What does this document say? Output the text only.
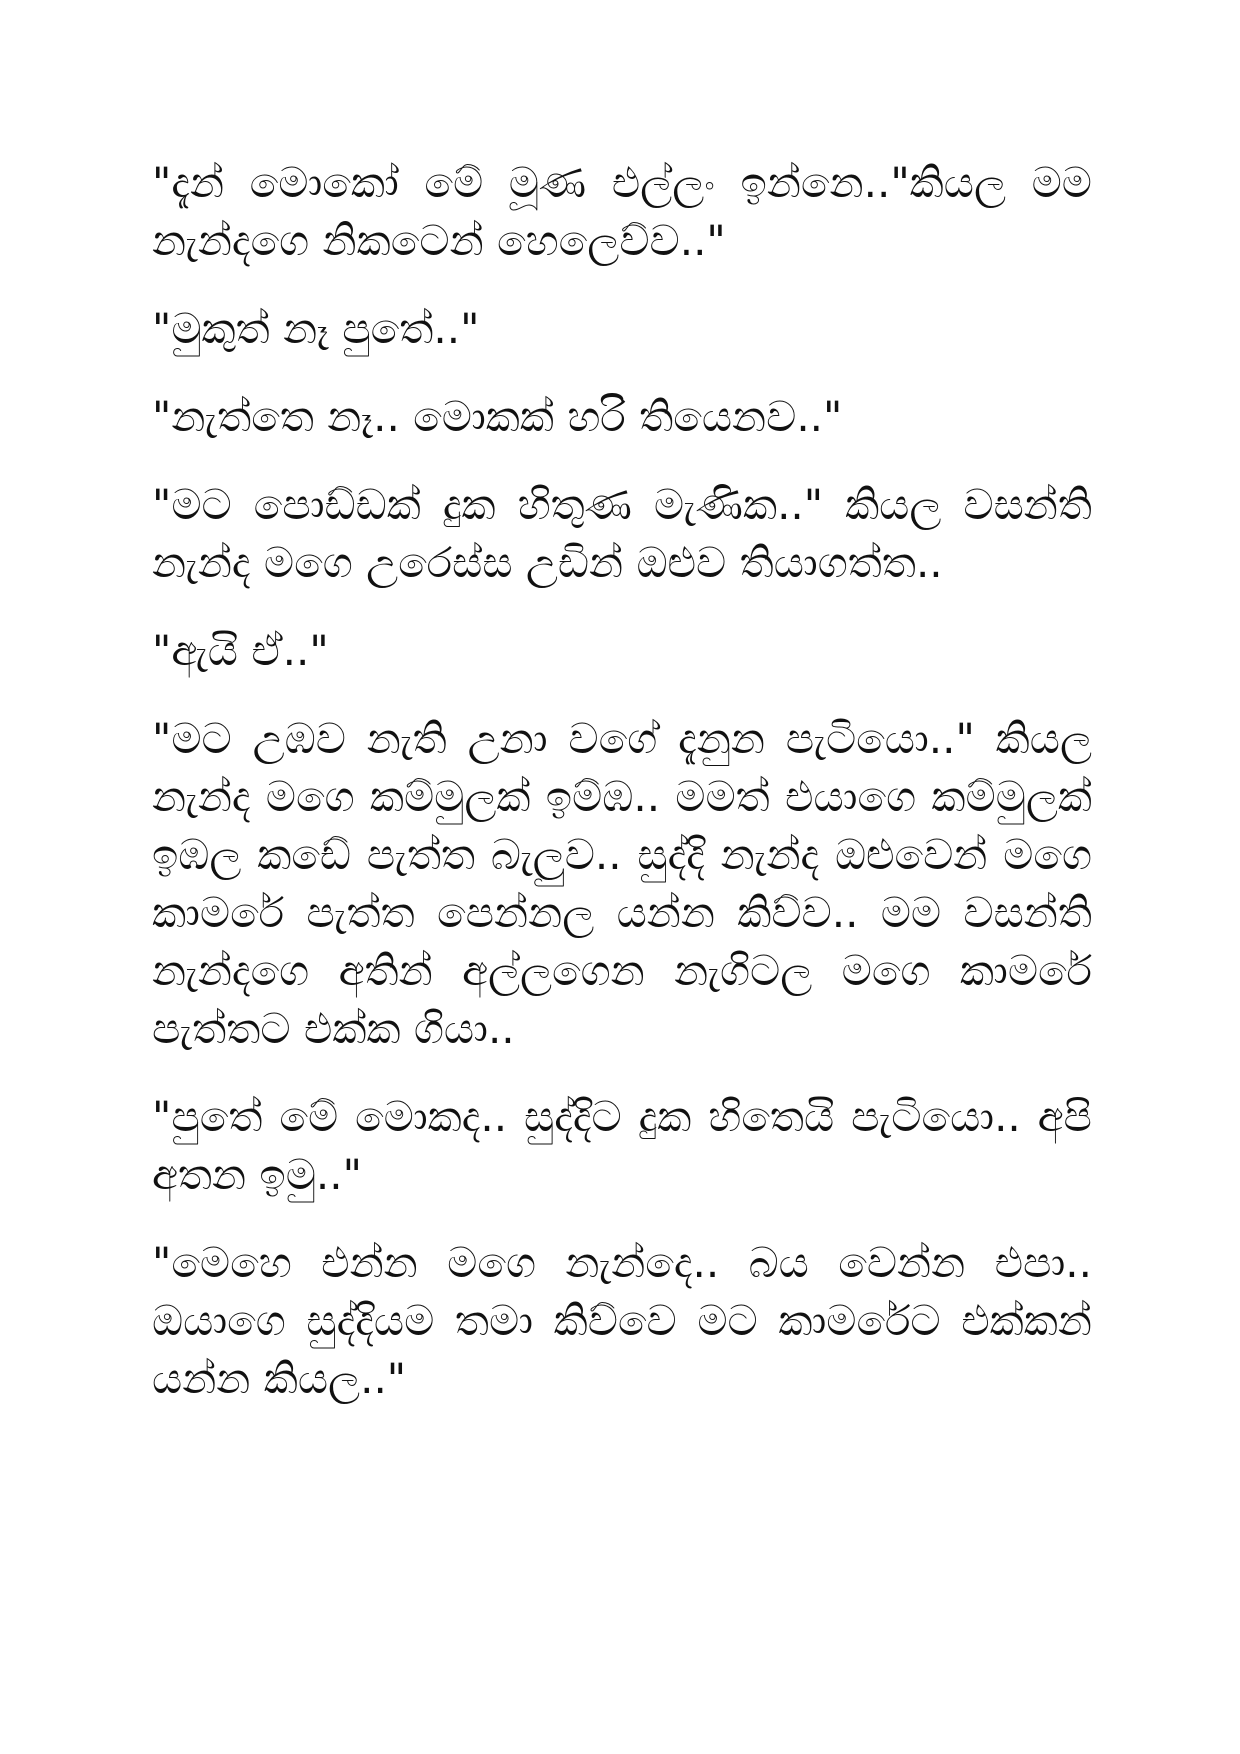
"දැන් මොකෝ මේ මූණ එල්ලං ඉන්නෙ.."කියල මම නැන්දගෙ නිකටෙන් හෙලෙව්ව.."

"මුකුත් නෑ පුතේ.."

"නැත්තෙ නෑ.. මොකක් හරි තියෙනව.."

"මට පොඩ්ඩක් දුක හිතුණ මැණික.." කියල වසන්ති නැන්ද මගෙ උරෙස්ස උඩින් ඔළුව තියාගත්ත..

"ඇයි ඒ.."

"මට උඹව නැති උනා වගේ දැනුන පැටියො.." කියල නැන්ද මගෙ කම්මුලක් ඉම්ඹ.. මමත් එයාගෙ කම්මුලක් ඉඹල කඩේ පැත්ත බැලුව.. සුද්දි නැන්ද ඔළුවෙන් මගෙ කාමරේ පැත්ත පෙන්නල යන්න කිව්ව.. මම වසන්ති නැන්දගෙ අතින් අල්ලගෙන නැගිටල මගෙ කාමරේ පැත්තට එක්ක ගියා..

"පුතේ මේ මොකද.. සුද්දිට දුක හිතෙයි පැටියො.. අපි අතන ඉමු.."

"මෙහෙ එන්න මගෙ නැන්දෙ.. බය වෙන්න එපා.. ඔයාගෙ සුද්දියම තමා කිව්වෙ මට කාමරේට එක්කන් යන්න කියල.."
